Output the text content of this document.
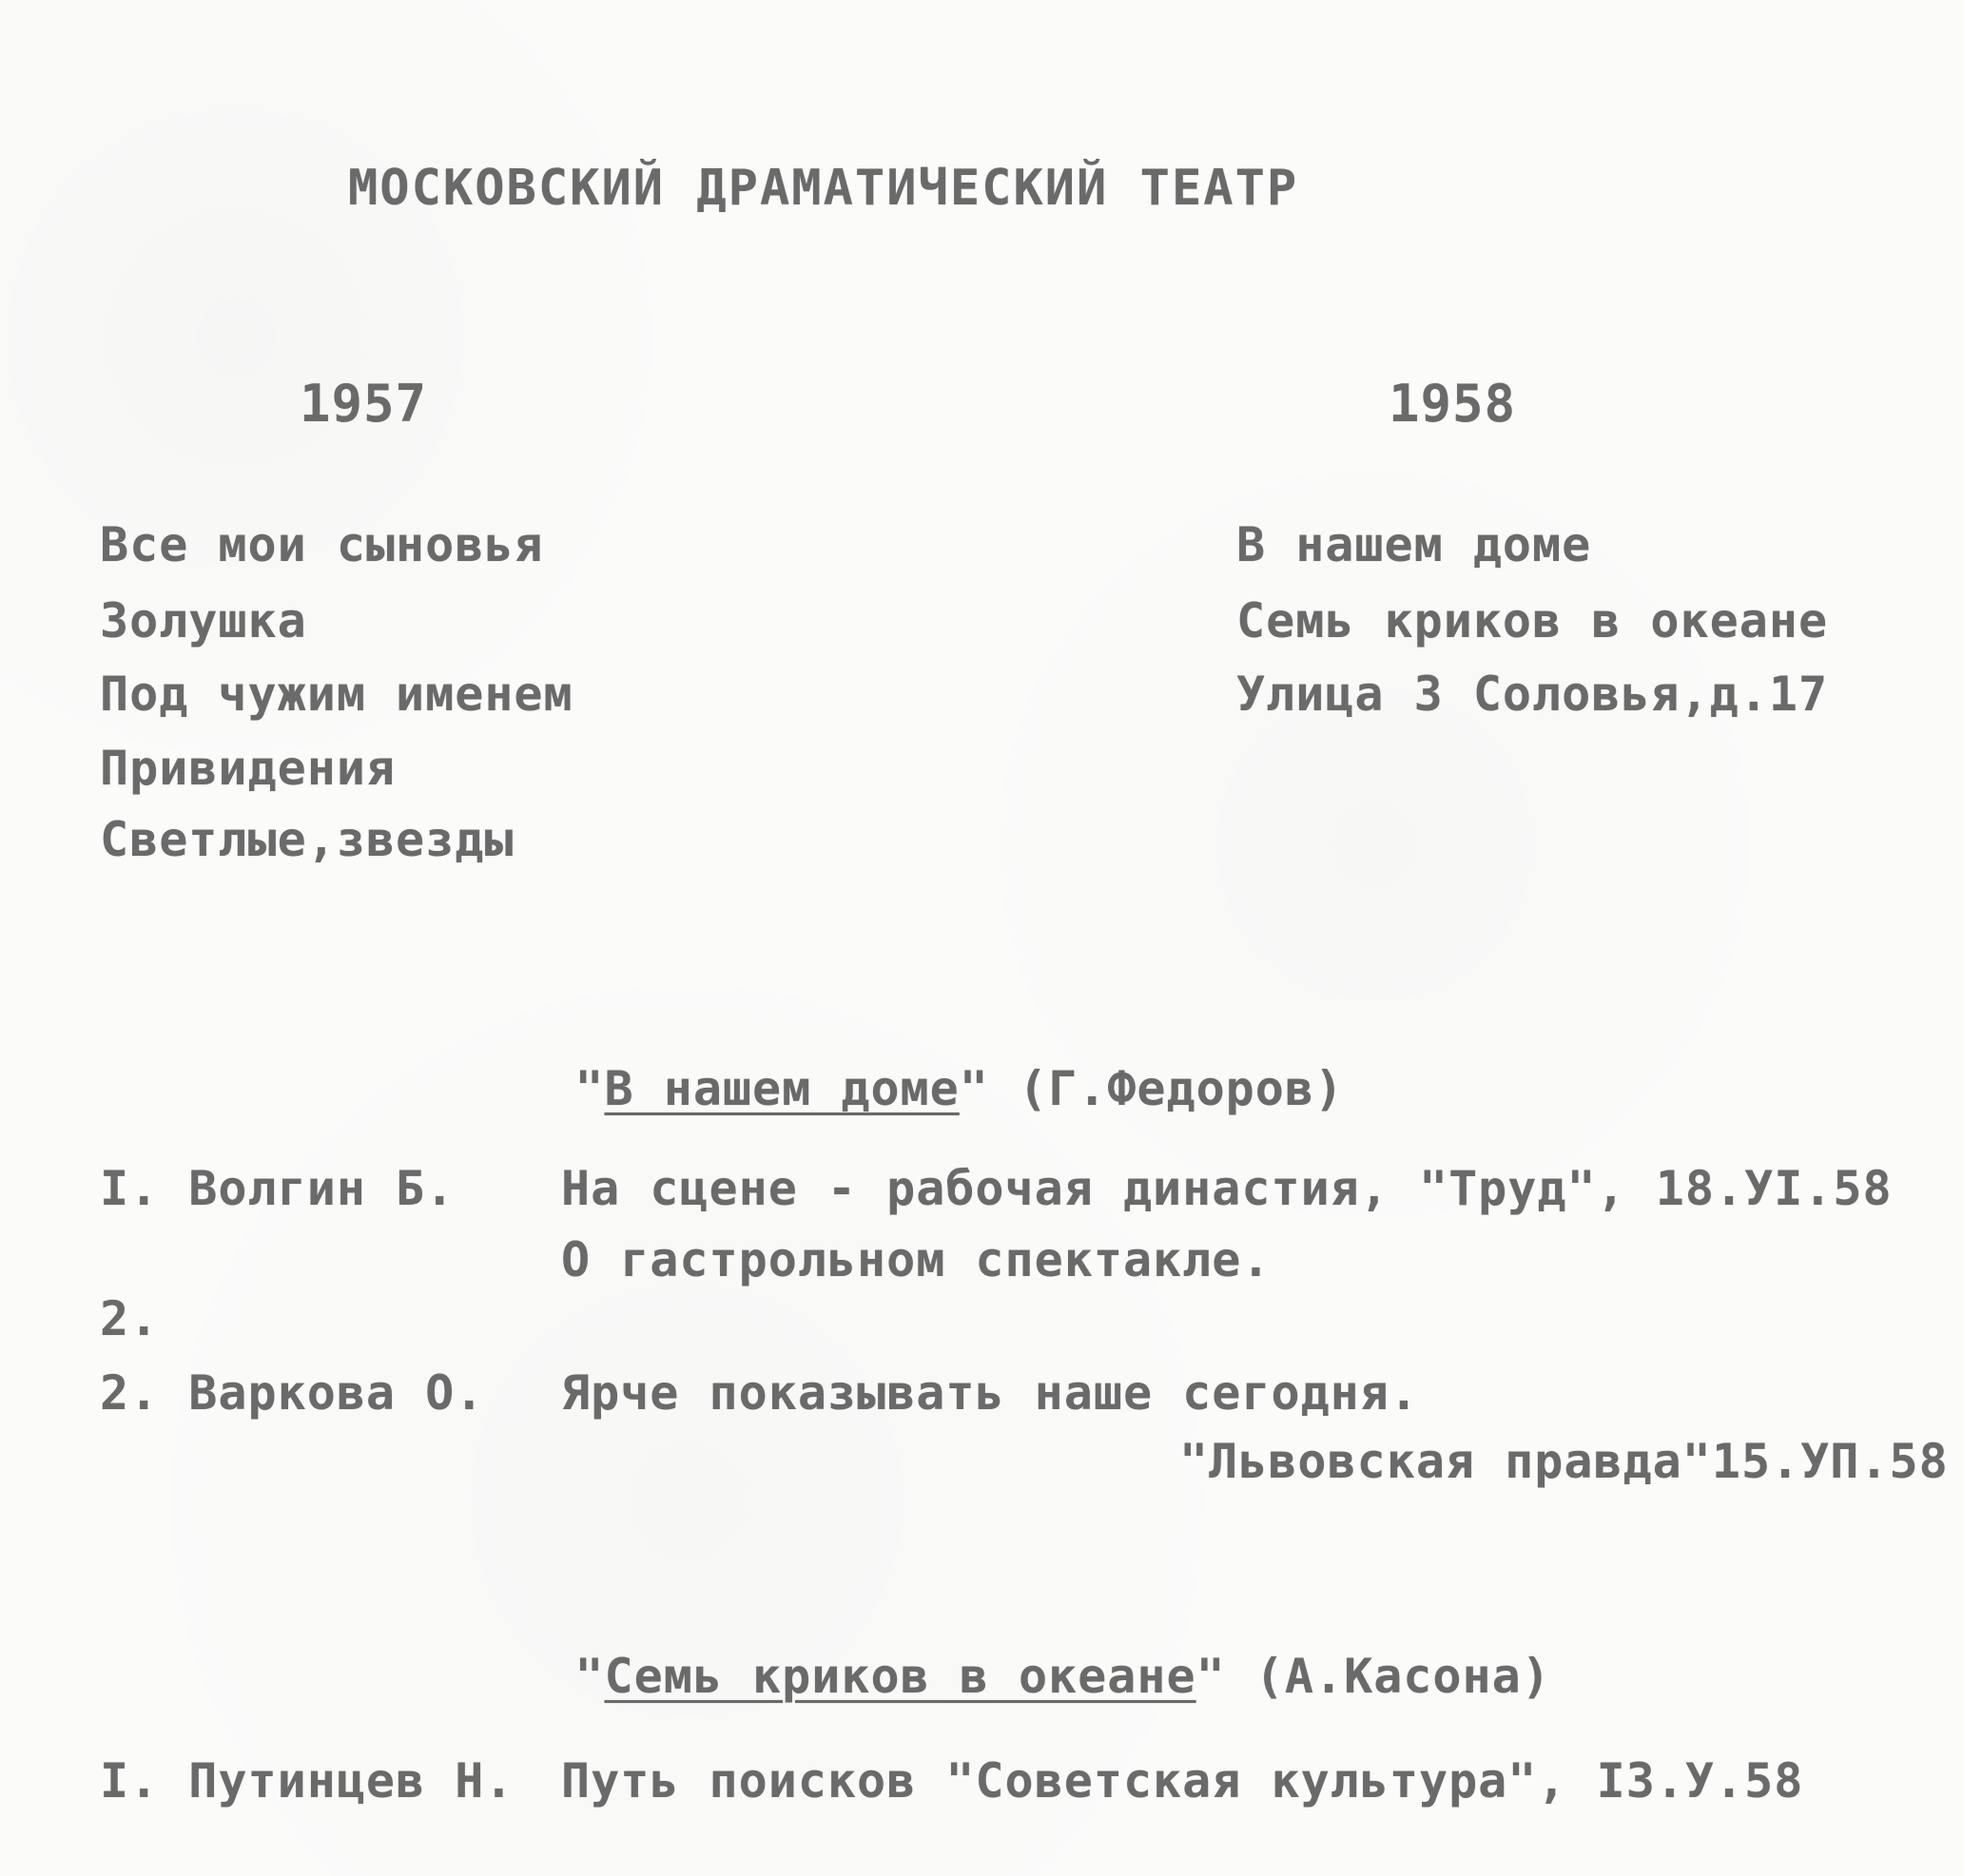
МОСКОВСКИЙ ДРАМАТИЧЕСКИЙ ТЕАТР
1957	1958
Все мои сыновья
Золушка
Под чужим именем
Привидения
Светлые,звезды
В нашем доме
Семь криков в океане
Улица 3 Соловья,д.17

"В нашем доме" (Г.Федоров)

I. Волгин Б. На сцене - рабочая династия, "Труд", 18.УI.58
О гастрольном спектакле.
2.
2. Варкова О. Ярче показывать наше сегодня.
"Львовская правда"15.УП.58

"Семь криков в океане" (А.Касона)

I. Путинцев Н. Путь поисков "Советская культура", I3.У.58
